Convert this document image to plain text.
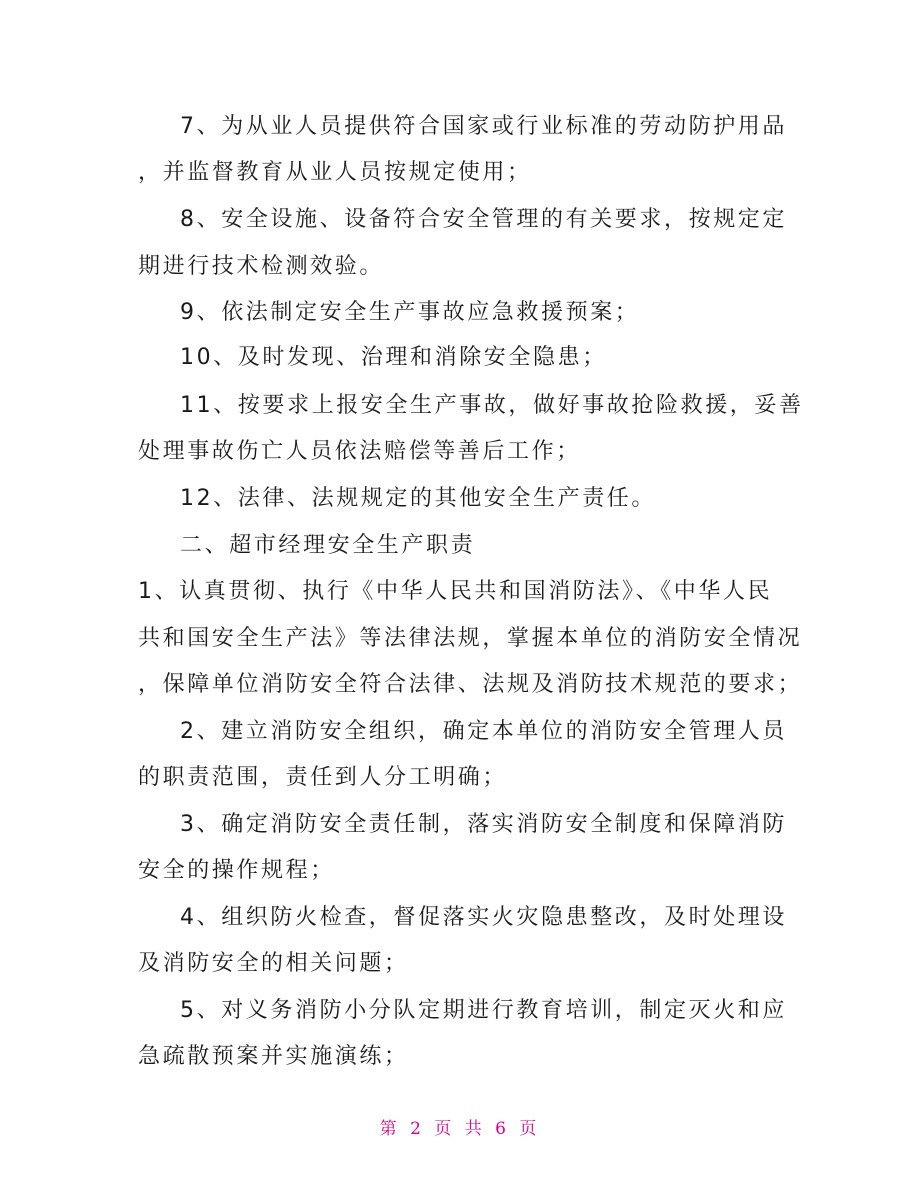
7、为从业人员提供符合国家或行业标准的劳动防护用品
，并监督教育从业人员按规定使用；
8、安全设施、设备符合安全管理的有关要求，按规定定
期进行技术检测效验。
9、依法制定安全生产事故应急救援预案；
10、及时发现、治理和消除安全隐患；
11、按要求上报安全生产事故，做好事故抢险救援，妥善
处理事故伤亡人员依法赔偿等善后工作；
12、法律、法规规定的其他安全生产责任。
二、超市经理安全生产职责
1、认真贯彻、执行《中华人民共和国消防法》、《中华人民
共和国安全生产法》等法律法规，掌握本单位的消防安全情况
，保障单位消防安全符合法律、法规及消防技术规范的要求；
2、建立消防安全组织，确定本单位的消防安全管理人员
的职责范围，责任到人分工明确；
3、确定消防安全责任制，落实消防安全制度和保障消防
安全的操作规程；
4、组织防火检查，督促落实火灾隐患整改，及时处理设
及消防安全的相关问题；
5、对义务消防小分队定期进行教育培训，制定灭火和应
急疏散预案并实施演练；
第 2 页 共 6 页
